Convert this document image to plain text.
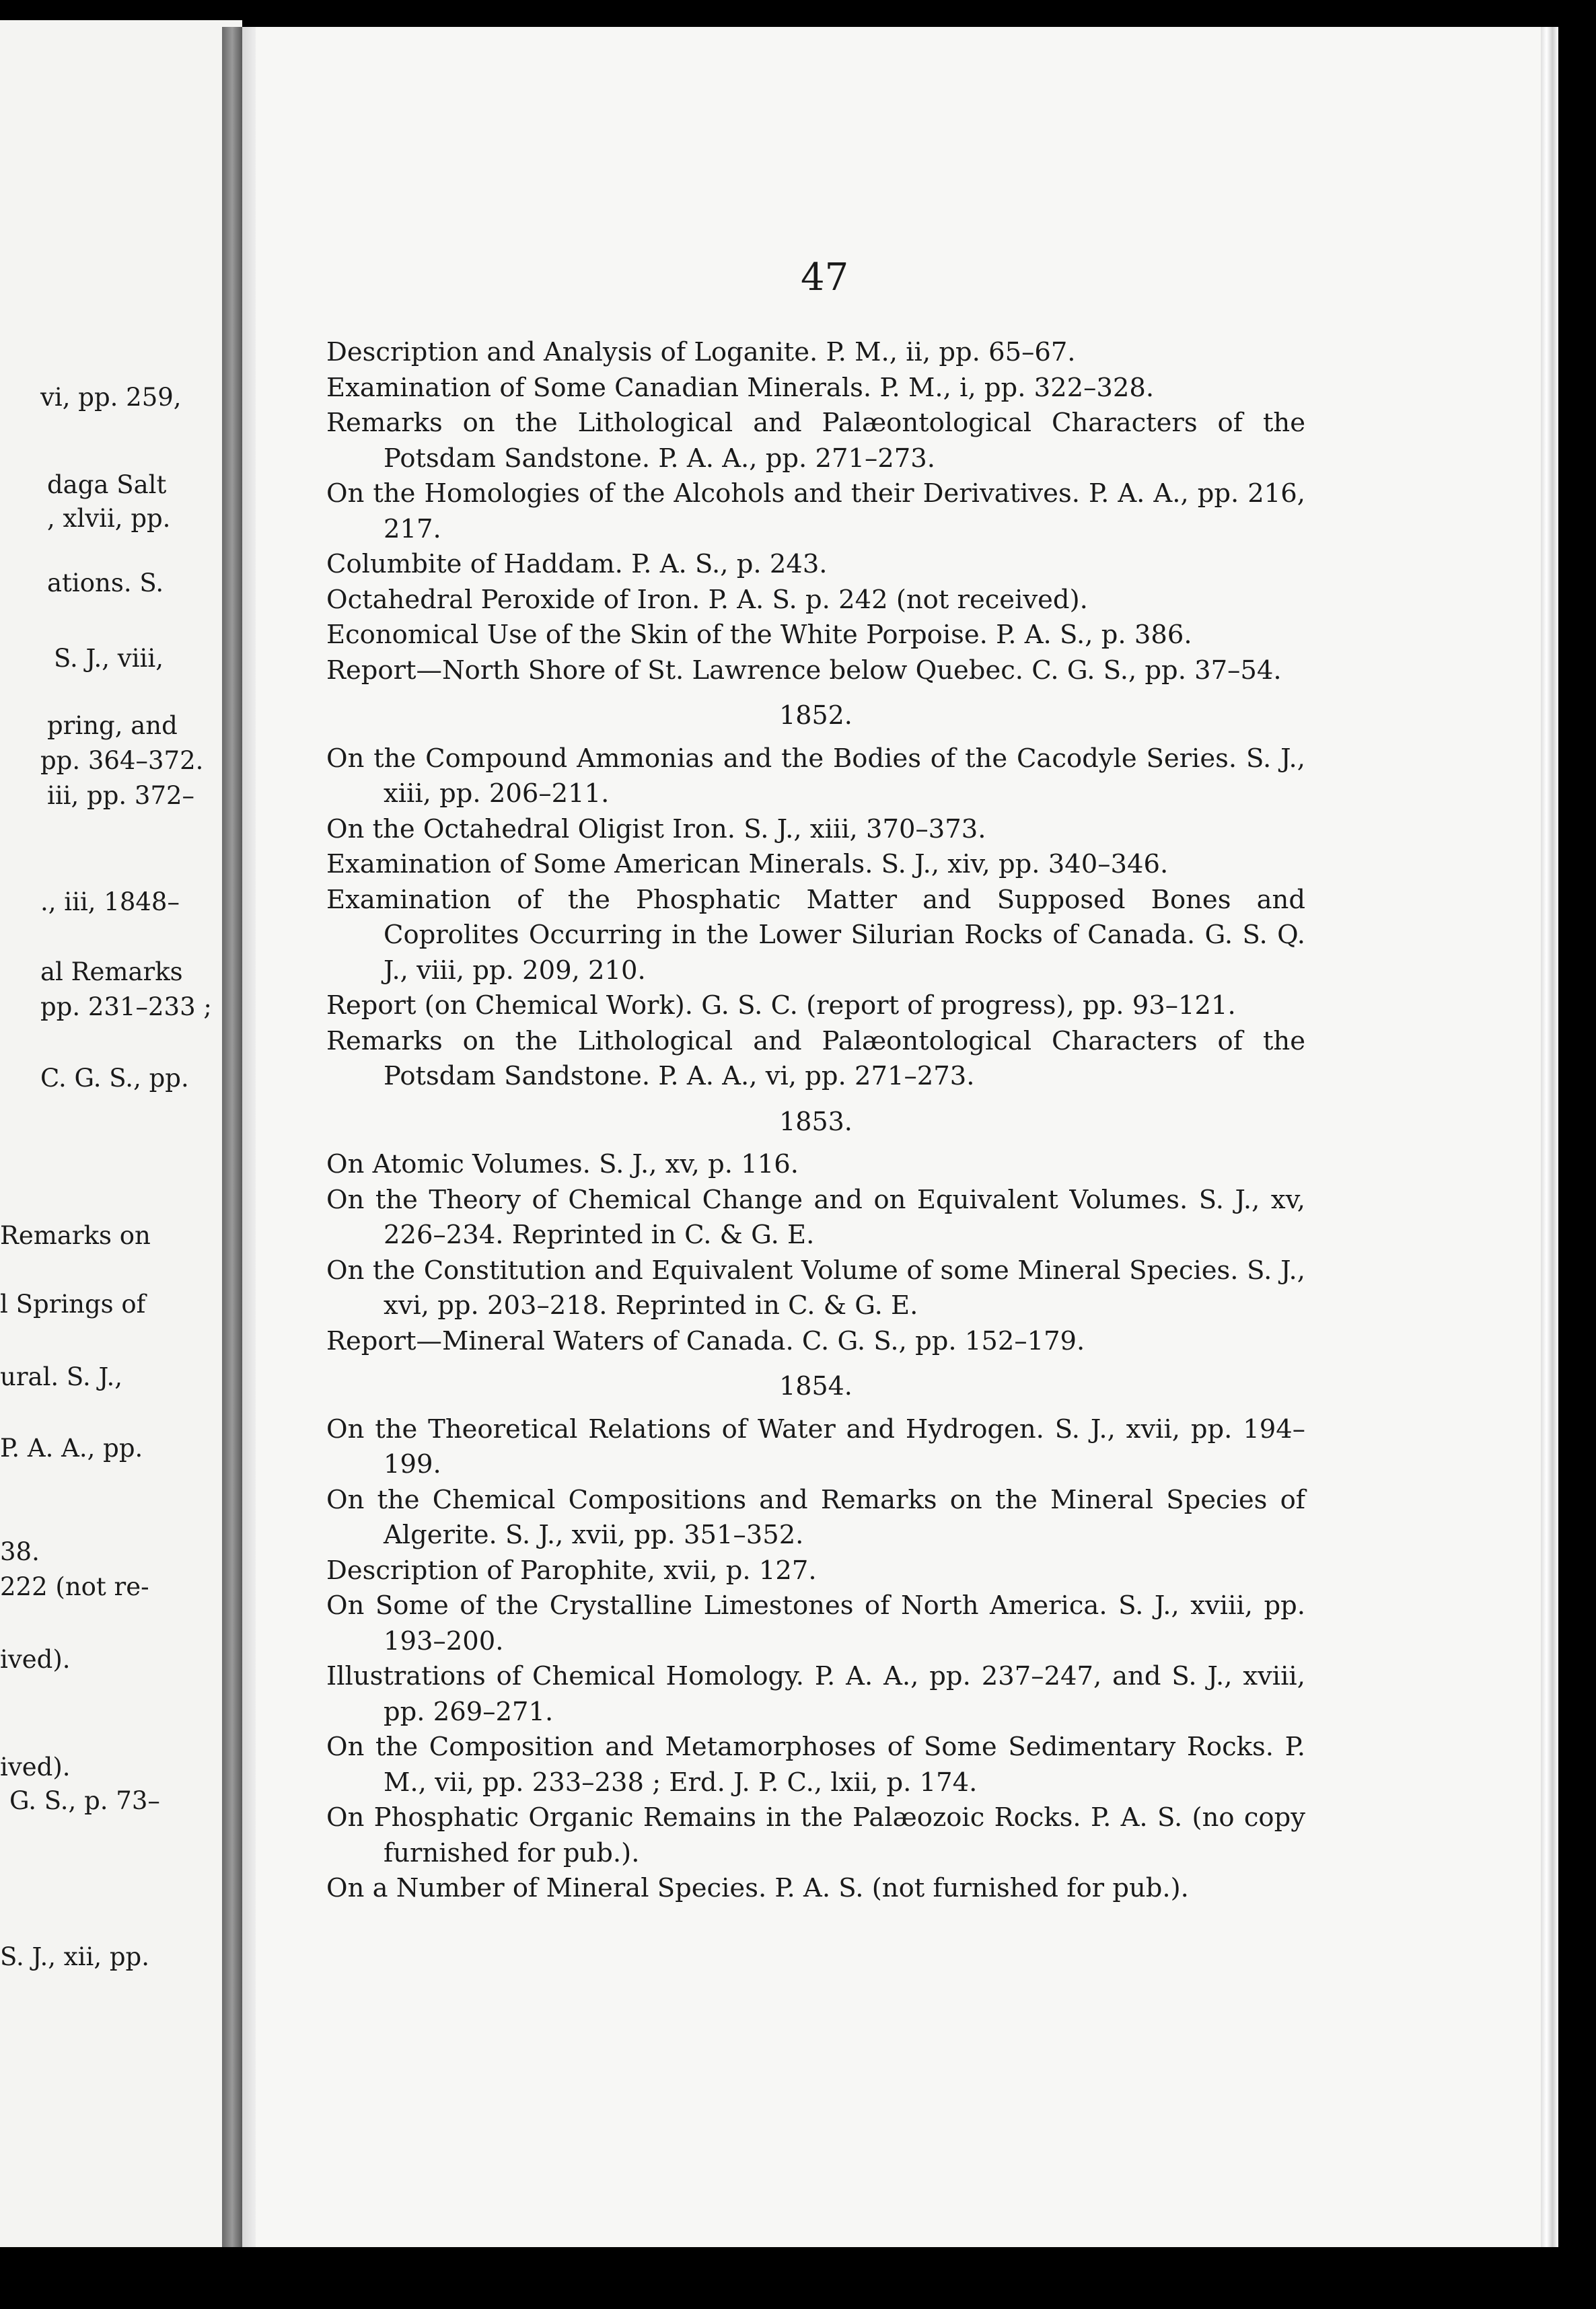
vi, pp. 259,
daga Salt
, xlvii, pp.
ations. S.
S. J., viii,
pring, and
pp. 364–372.
iii, pp. 372–
., iii, 1848–
al Remarks
pp. 231–233 ;
C. G. S., pp.
Remarks on
l Springs of
ural. S. J.,
P. A. A., pp.
38.
222 (not re-
ived).
ived).
G. S., p. 73–
S. J., xii, pp.
47

Description and Analysis of Loganite. P. M., ii, pp. 65–67.

Examination of Some Canadian Minerals. P. M., i, pp. 322–328.

Remarks on the Lithological and Palæontological Characters of the Potsdam Sandstone. P. A. A., pp. 271–273.

On the Homologies of the Alcohols and their Derivatives. P. A. A., pp. 216, 217.

Columbite of Haddam. P. A. S., p. 243.

Octahedral Peroxide of Iron. P. A. S. p. 242 (not received).

Economical Use of the Skin of the White Porpoise. P. A. S., p. 386.

Report—North Shore of St. Lawrence below Quebec. C. G. S., pp. 37–54.

1852.

On the Compound Ammonias and the Bodies of the Cacodyle Series. S. J., xiii, pp. 206–211.

On the Octahedral Oligist Iron. S. J., xiii, 370–373.

Examination of Some American Minerals. S. J., xiv, pp. 340–346.

Examination of the Phosphatic Matter and Supposed Bones and Coprolites Occurring in the Lower Silurian Rocks of Canada. G. S. Q. J., viii, pp. 209, 210.

Report (on Chemical Work). G. S. C. (report of progress), pp. 93–121.

Remarks on the Lithological and Palæontological Characters of the Potsdam Sandstone. P. A. A., vi, pp. 271–273.

1853.

On Atomic Volumes. S. J., xv, p. 116.

On the Theory of Chemical Change and on Equivalent Volumes. S. J., xv, 226–234. Reprinted in C. & G. E.

On the Constitution and Equivalent Volume of some Mineral Species. S. J., xvi, pp. 203–218. Reprinted in C. & G. E.

Report—Mineral Waters of Canada. C. G. S., pp. 152–179.

1854.

On the Theoretical Relations of Water and Hydrogen. S. J., xvii, pp. 194–199.

On the Chemical Compositions and Remarks on the Mineral Species of Algerite. S. J., xvii, pp. 351–352.

Description of Parophite, xvii, p. 127.

On Some of the Crystalline Limestones of North America. S. J., xviii, pp. 193–200.

Illustrations of Chemical Homology. P. A. A., pp. 237–247, and S. J., xviii, pp. 269–271.

On the Composition and Metamorphoses of Some Sedimentary Rocks. P. M., vii, pp. 233–238 ; Erd. J. P. C., lxii, p. 174.

On Phosphatic Organic Remains in the Palæozoic Rocks. P. A. S. (no copy furnished for pub.).

On a Number of Mineral Species. P. A. S. (not furnished for pub.).
